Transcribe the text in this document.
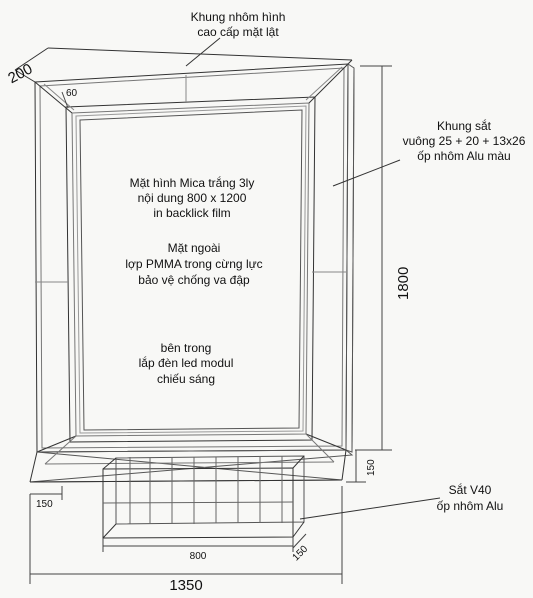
Khung nhôm hình
cao cấp mặt lật
Khung sắt
vuông 25 + 20 + 13x26
ốp nhôm Alu màu
Mặt hình Mica trắng 3ly
nội dung 800 x 1200
in backlick film
Mặt ngoài
lợp PMMA trong cừng lực
bảo vệ chống va đập
bên trong
lắp đèn led modul
chiếu sáng
Sắt V40
ốp nhôm Alu
200
60
1800
150
150
800	150
1350
